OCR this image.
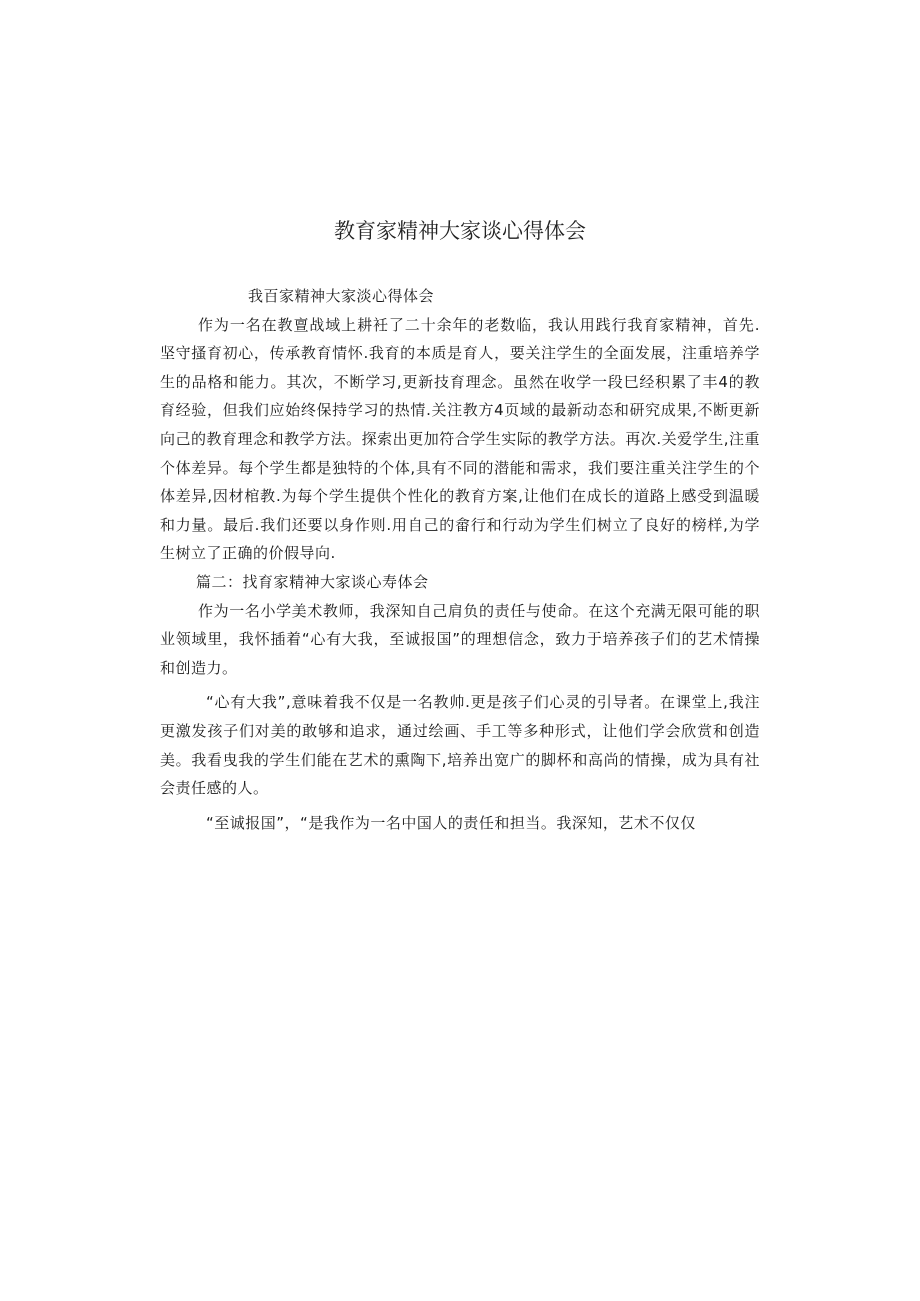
教育家精神大家谈心得体会

我百家精神大家淡心得体会

作为一名在教亶战域上耕衽了二十余年的老数临，我认用践行我育家精神，首先.坚守搔育初心，传承教育情怀.我育的本质是育人，要关注学生的全面发展，注重培养学生的品格和能力。其次，不断学习,更新技育理念。虽然在收学一段巳经积累了丰4的教育经验，但我们应始终保持学习的热情.关注教方4页域的最新动态和研究成果,不断更新向己的教育理念和教学方法。探索出更加符合学生实际的教学方法。再次.关爱学生,注重个体差异。每个学生都是独特的个体,具有不同的潜能和需求，我们要注重关注学生的个体差异,因材棺教.为每个学生提供个性化的教育方案,让他们在成长的道路上感受到温暖和力量。最后.我们还要以身作则.用自己的畲行和行动为学生们树立了良好的榜样,为学生树立了正确的价假导向.

篇二：找育家精神大家谈心寿体会

作为一名小学美术教师，我深知自己肩负的责任与使命。在这个充满无限可能的职业领域里，我怀插着“心有大我，至诚报国”的理想信念，致力于培养孩子们的艺术情操和创造力。

“心有大我”,意味着我不仅是一名教帅.更是孩子们心灵的引导者。在课堂上,我注更激发孩子们对美的敢够和追求，通过绘画、手工等多种形式，让他们学会欣赏和创造美。我看曳我的学生们能在艺术的熏陶下,培养出宽广的脚杯和高尚的情操，成为具有社会责任感的人。

“至诚报国”，“是我作为一名中国人的责任和担当。我深知，艺术不仅仅
